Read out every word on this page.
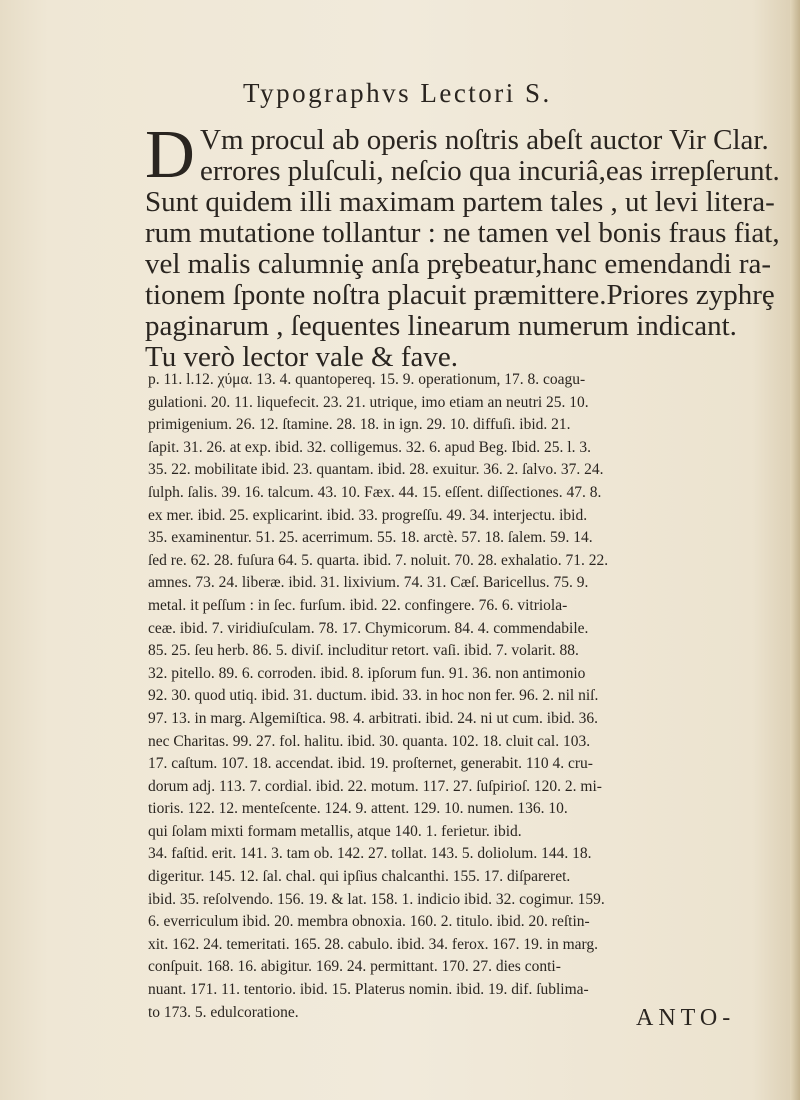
Typographvs Lectori S.
D Vm procul ab operis noſtris abeſt auctor Vir Clar.
errores pluſculi, neſcio qua incuriâ,eas irrepſerunt.
Sunt quidem illi maximam partem tales , ut levi litera-
rum mutatione tollantur : ne tamen vel bonis fraus fiat,
vel malis calumniȩ anſa prȩbeatur,hanc emendandi ra-
tionem ſponte noſtra placuit præmittere.Priores zyphrȩ
paginarum , ſequentes linearum numerum indicant.
Tu verò lector vale & fave.
p. 11. l.12. χύμα. 13. 4. quantopereq. 15. 9. operationum, 17. 8. coagu-
gulationi. 20. 11. liquefecit. 23. 21. utrique, imo etiam an neutri 25. 10.
primigenium. 26. 12. ſtamine. 28. 18. in ign. 29. 10. diffuſi. ibid. 21.
ſapit. 31. 26. at exp. ibid. 32. colligemus. 32. 6. apud Beg. Ibid. 25. l. 3.
35. 22. mobilitate ibid. 23. quantam. ibid. 28. exuitur. 36. 2. ſalvo. 37. 24.
ſulph. ſalis. 39. 16. talcum. 43. 10. Fæx. 44. 15. eſſent. diſſectiones. 47. 8.
ex mer. ibid. 25. explicarint. ibid. 33. progreſſu. 49. 34. interjectu. ibid.
35. examinentur. 51. 25. acerrimum. 55. 18. arctè. 57. 18. ſalem. 59. 14.
ſed re. 62. 28. fuſura 64. 5. quarta. ibid. 7. noluit. 70. 28. exhalatio. 71. 22.
amnes. 73. 24. liberæ. ibid. 31. lixivium. 74. 31. Cæſ. Baricellus. 75. 9.
metal. it peſſum : in ſec. furſum. ibid. 22. confingere. 76. 6. vitriola-
ceæ. ibid. 7. viridiuſculam. 78. 17. Chymicorum. 84. 4. commendabile.
85. 25. ſeu herb. 86. 5. diviſ. includitur retort. vaſi. ibid. 7. volarit. 88.
32. pitello. 89. 6. corroden. ibid. 8. ipſorum fun. 91. 36. non antimonio
92. 30. quod utiq. ibid. 31. ductum. ibid. 33. in hoc non fer. 96. 2. nil niſ.
97. 13. in marg. Algemiſtica. 98. 4. arbitrati. ibid. 24. ni ut cum. ibid. 36.
nec Charitas. 99. 27. fol. halitu. ibid. 30. quanta. 102. 18. cluit cal. 103.
17. caſtum. 107. 18. accendat. ibid. 19. proſternet, generabit. 110 4. cru-
dorum adj. 113. 7. cordial. ibid. 22. motum. 117. 27. ſuſpirioſ. 120. 2. mi-
tioris. 122. 12. menteſcente. 124. 9. attent. 129. 10. numen. 136. 10.
qui ſolam mixti formam metallis, atque 140. 1. ferietur. ibid.
34. faſtid. erit. 141. 3. tam ob. 142. 27. tollat. 143. 5. doliolum. 144. 18.
digeritur. 145. 12. ſal. chal. qui ipſius chalcanthi. 155. 17. diſpareret.
ibid. 35. reſolvendo. 156. 19. & lat. 158. 1. indicio ibid. 32. cogimur. 159.
6. everriculum ibid. 20. membra obnoxia. 160. 2. titulo. ibid. 20. reſtin-
xit. 162. 24. temeritati. 165. 28. cabulo. ibid. 34. ferox. 167. 19. in marg.
conſpuit. 168. 16. abigitur. 169. 24. permittant. 170. 27. dies conti-
nuant. 171. 11. tentorio. ibid. 15. Platerus nomin. ibid. 19. dif. ſublima-
to 173. 5. edulcoratione.	ANTO-
